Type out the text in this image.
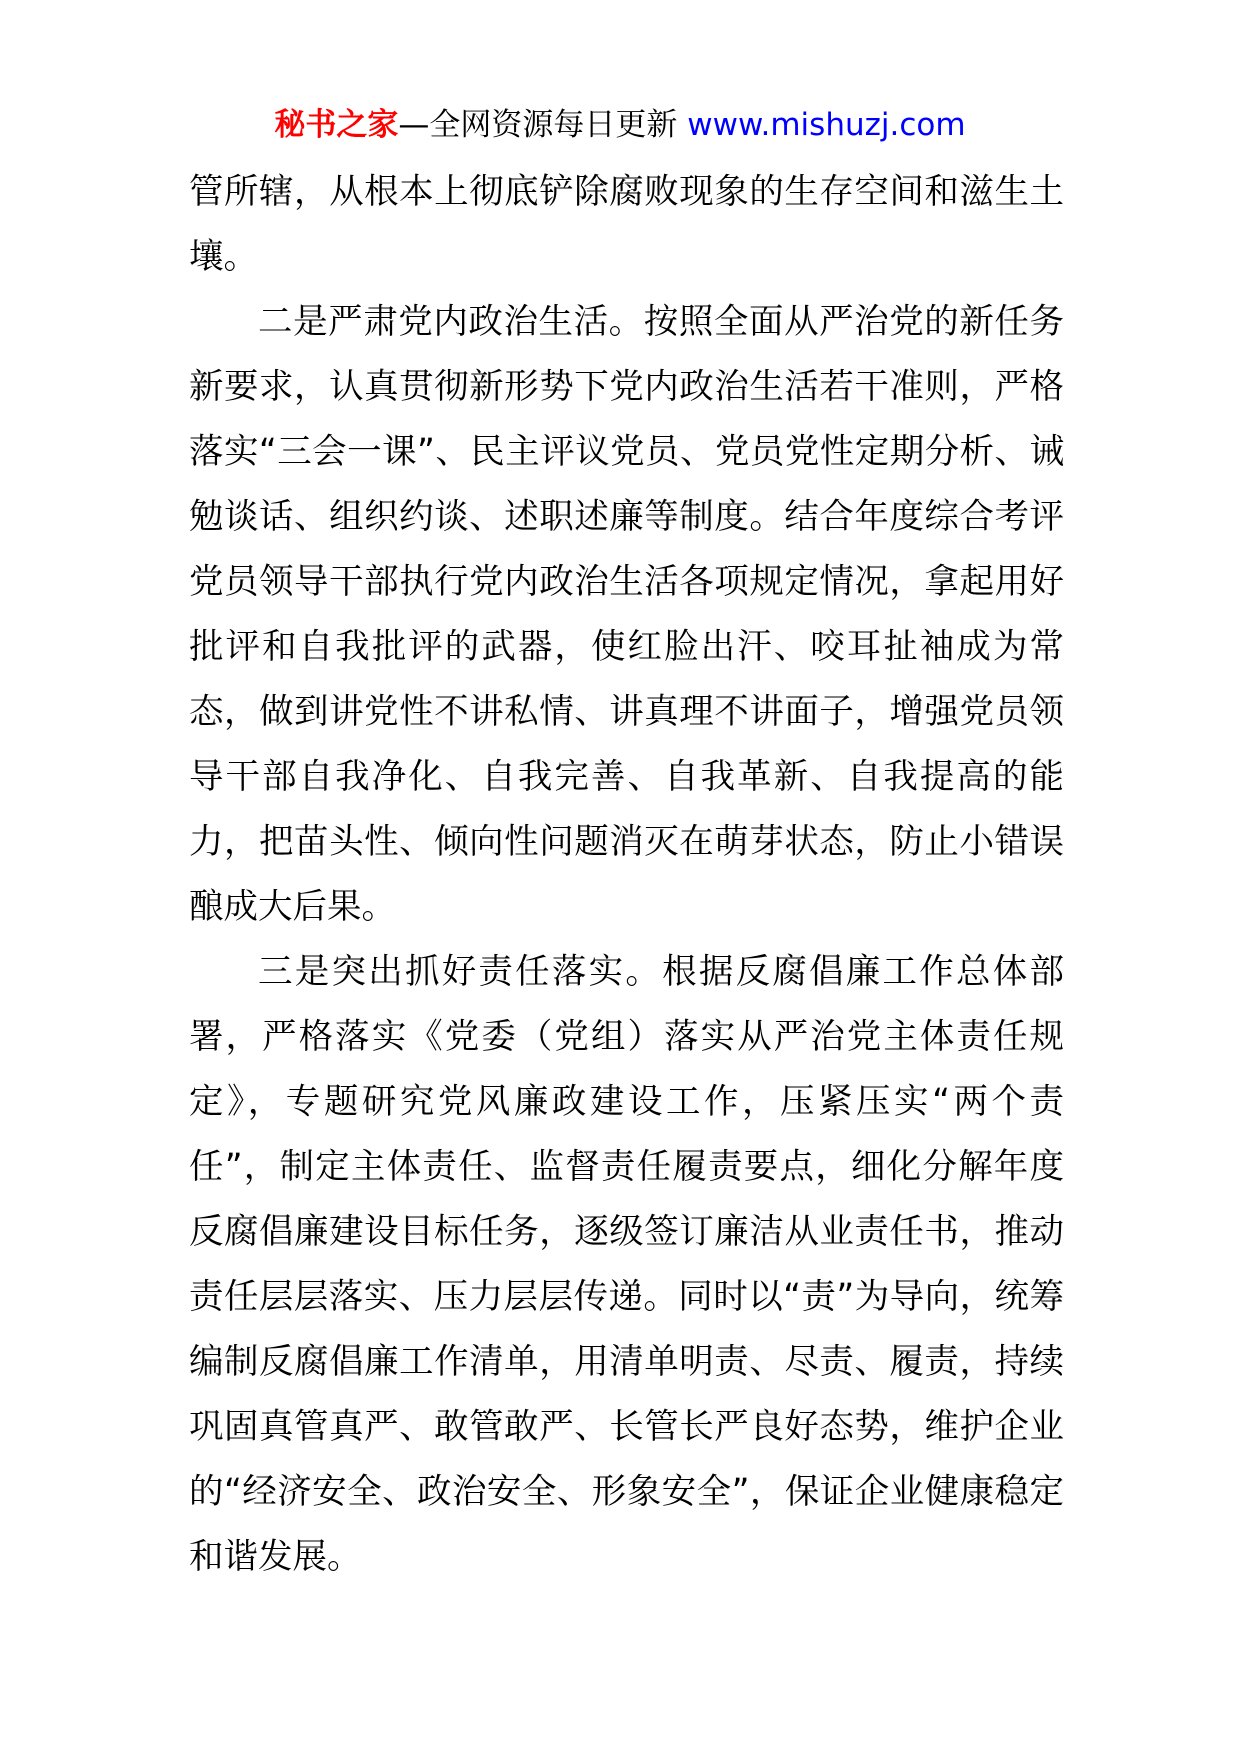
秘书之家—全网资源每日更新 www.mishuzj.com

管所辖，从根本上彻底铲除腐败现象的生存空间和滋生土壤。

二是严肃党内政治生活。按照全面从严治党的新任务新要求，认真贯彻新形势下党内政治生活若干准则，严格落实“三会一课”、民主评议党员、党员党性定期分析、诫勉谈话、组织约谈、述职述廉等制度。结合年度综合考评党员领导干部执行党内政治生活各项规定情况，拿起用好批评和自我批评的武器，使红脸出汗、咬耳扯袖成为常态，做到讲党性不讲私情、讲真理不讲面子，增强党员领导干部自我净化、自我完善、自我革新、自我提高的能力，把苗头性、倾向性问题消灭在萌芽状态，防止小错误酿成大后果。

三是突出抓好责任落实。根据反腐倡廉工作总体部署，严格落实《党委（党组）落实从严治党主体责任规定》，专题研究党风廉政建设工作，压紧压实“两个责任”，制定主体责任、监督责任履责要点，细化分解年度反腐倡廉建设目标任务，逐级签订廉洁从业责任书，推动责任层层落实、压力层层传递。同时以“责”为导向，统筹编制反腐倡廉工作清单，用清单明责、尽责、履责，持续巩固真管真严、敢管敢严、长管长严良好态势，维护企业的“经济安全、政治安全、形象安全”，保证企业健康稳定和谐发展。
